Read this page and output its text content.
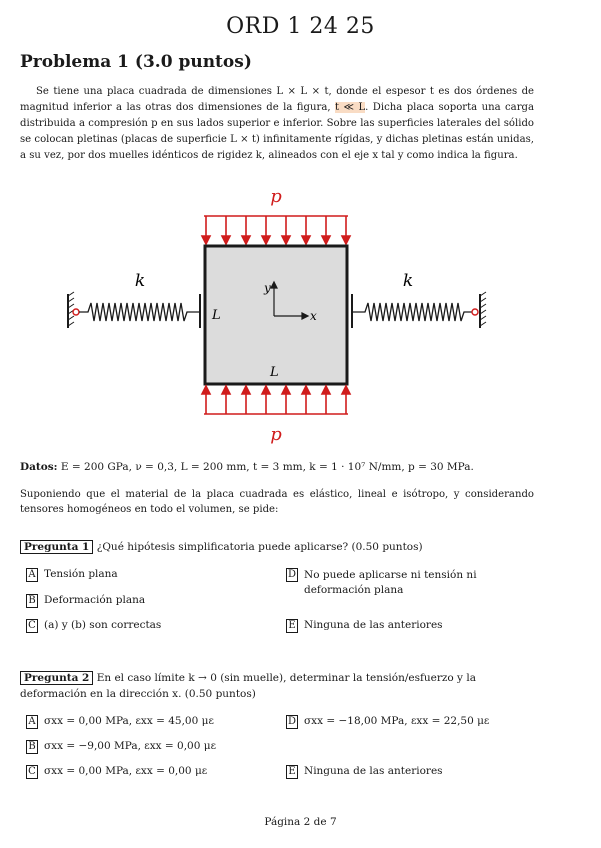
ORD 1 24 25
Problema 1 (3.0 puntos)
Se tiene una placa cuadrada de dimensiones L × L × t, donde el espesor t es dos órdenes de magnitud inferior a las otras dos dimensiones de la figura, t ≪ L. Dicha placa soporta una carga distribuida a compresión p en sus lados superior e inferior. Sobre las superficies laterales del sólido se colocan pletinas (placas de superficie L × t) infinitamente rígidas, y dichas pletinas están unidas, a su vez, por dos muelles idénticos de rigidez k, alineados con el eje x tal y como indica la figura.
p
y
x
L
L
p
k	k
Datos: E = 200 GPa, ν = 0,3, L = 200 mm, t = 3 mm, k = 1 · 10⁷ N/mm, p = 30 MPa.
Suponiendo que el material de la placa cuadrada es elástico, lineal e isótropo, y considerando tensores homogéneos en todo el volumen, se pide:
Pregunta 1 ¿Qué hipótesis simplificatoria puede aplicarse? (0.50 puntos)
A Tensión plana
B Deformación plana
C (a) y (b) son correctas
D No puede aplicarse ni tensión ni deformación plana
E Ninguna de las anteriores
Pregunta 2 En el caso límite k → 0 (sin muelle), determinar la tensión/esfuerzo y la deformación en la dirección x. (0.50 puntos)
A σxx = 0,00 MPa, εxx = 45,00 με
B σxx = −9,00 MPa, εxx = 0,00 με
C σxx = 0,00 MPa, εxx = 0,00 με
D σxx = −18,00 MPa, εxx = 22,50 με
E Ninguna de las anteriores
Página 2 de 7
